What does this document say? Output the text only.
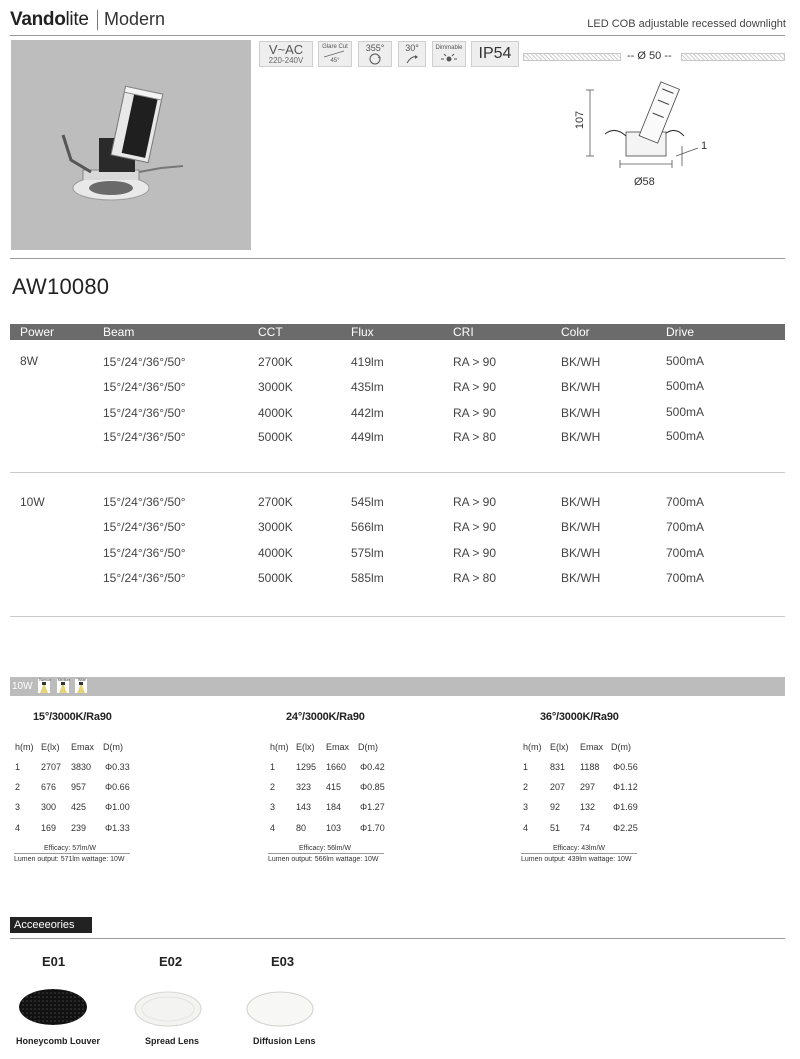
Vandolite Modern	LED COB adjustable recessed downlight
V~AC
220-240V
Glare Cut
45°
355° 30°	Dimmable	IP54	-- Ø 50 --
107
Ø58
1
AW10080
Power	Beam	CCT	Flux	CRI	Color	Drive
8W	15°/24°/36°/50°	2700K	419lm	RA > 90	BK/WH	500mA
15°/24°/36°/50°	3000K	435lm	RA > 90	BK/WH	500mA
15°/24°/36°/50°	4000K	442lm	RA > 90	BK/WH	500mA
15°/24°/36°/50°	5000K	449lm	RA > 80	BK/WH	500mA
10W	15°/24°/36°/50°	2700K	545lm	RA > 90	BK/WH	700mA
15°/24°/36°/50°	3000K	566lm	RA > 90	BK/WH	700mA
15°/24°/36°/50°	4000K	575lm	RA > 90	BK/WH	700mA
15°/24°/36°/50°	5000K	585lm	RA > 80	BK/WH	700mA
10W
Narrow	Medium	Wide
15°/3000K/Ra90
h(m) E(lx) Emax D(m)
1 2707 3830 Φ0.33
2 676 957 Φ0.66
3 300 425 Φ1.00
4 169 239 Φ1.33
Efficacy: 57lm/W
Lumen output: 571lm wattage: 10W
24°/3000K/Ra90
h(m) E(lx) Emax D(m)
1 1295 1660 Φ0.42
2 323 415 Φ0.85
3 143 184 Φ1.27
4 80 103 Φ1.70
Efficacy: 56lm/W
Lumen output: 566lm wattage: 10W
36°/3000K/Ra90
h(m) E(lx) Emax D(m)
1 831 1188 Φ0.56
2 207 297 Φ1.12
3 92 132 Φ1.69
4 51 74	Φ2.25
Efficacy: 43lm/W
Lumen output: 439lm wattage: 10W
Acceeeories
E01	E02	E03
Honeycomb Louver	Spread Lens	Diffusion Lens
